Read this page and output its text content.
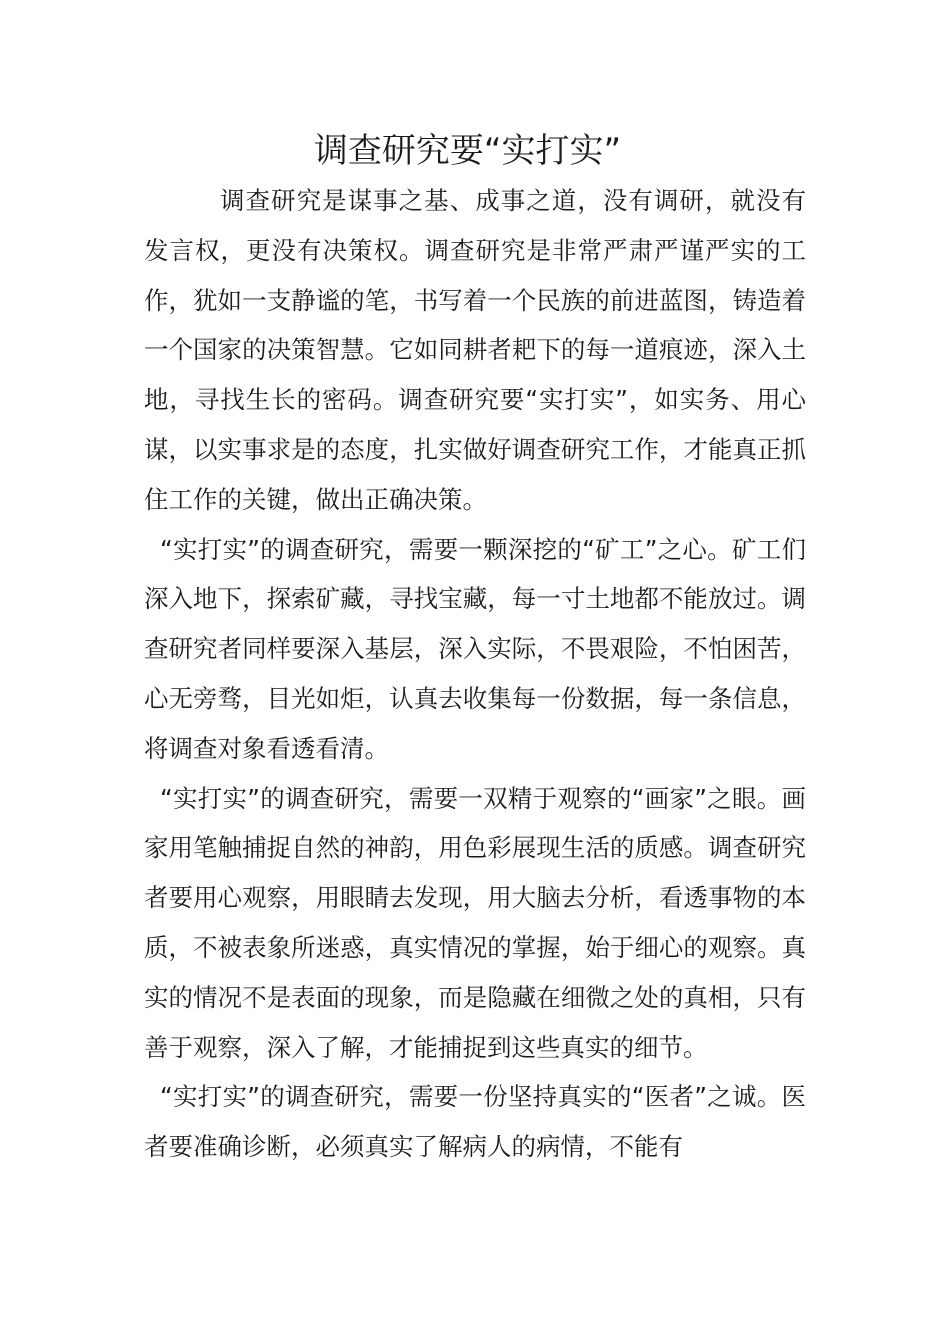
调查研究要“实打实”

调查研究是谋事之基、成事之道，没有调研，就没有发言权，更没有决策权。调查研究是非常严肃严谨严实的工作，犹如一支静谧的笔，书写着一个民族的前进蓝图，铸造着一个国家的决策智慧。它如同耕者耙下的每一道痕迹，深入土地，寻找生长的密码。调查研究要“实打实”，如实务、用心谋，以实事求是的态度，扎实做好调查研究工作，才能真正抓住工作的关键，做出正确决策。

“实打实”的调查研究，需要一颗深挖的“矿工”之心。矿工们深入地下，探索矿藏，寻找宝藏，每一寸土地都不能放过。调查研究者同样要深入基层，深入实际，不畏艰险，不怕困苦，心无旁骛，目光如炬，认真去收集每一份数据，每一条信息，将调查对象看透看清。

“实打实”的调查研究，需要一双精于观察的“画家”之眼。画家用笔触捕捉自然的神韵，用色彩展现生活的质感。调查研究者要用心观察，用眼睛去发现，用大脑去分析，看透事物的本质，不被表象所迷惑，真实情况的掌握，始于细心的观察。真实的情况不是表面的现象，而是隐藏在细微之处的真相，只有善于观察，深入了解，才能捕捉到这些真实的细节。

“实打实”的调查研究，需要一份坚持真实的“医者”之诚。医者要准确诊断，必须真实了解病人的病情，不能有
